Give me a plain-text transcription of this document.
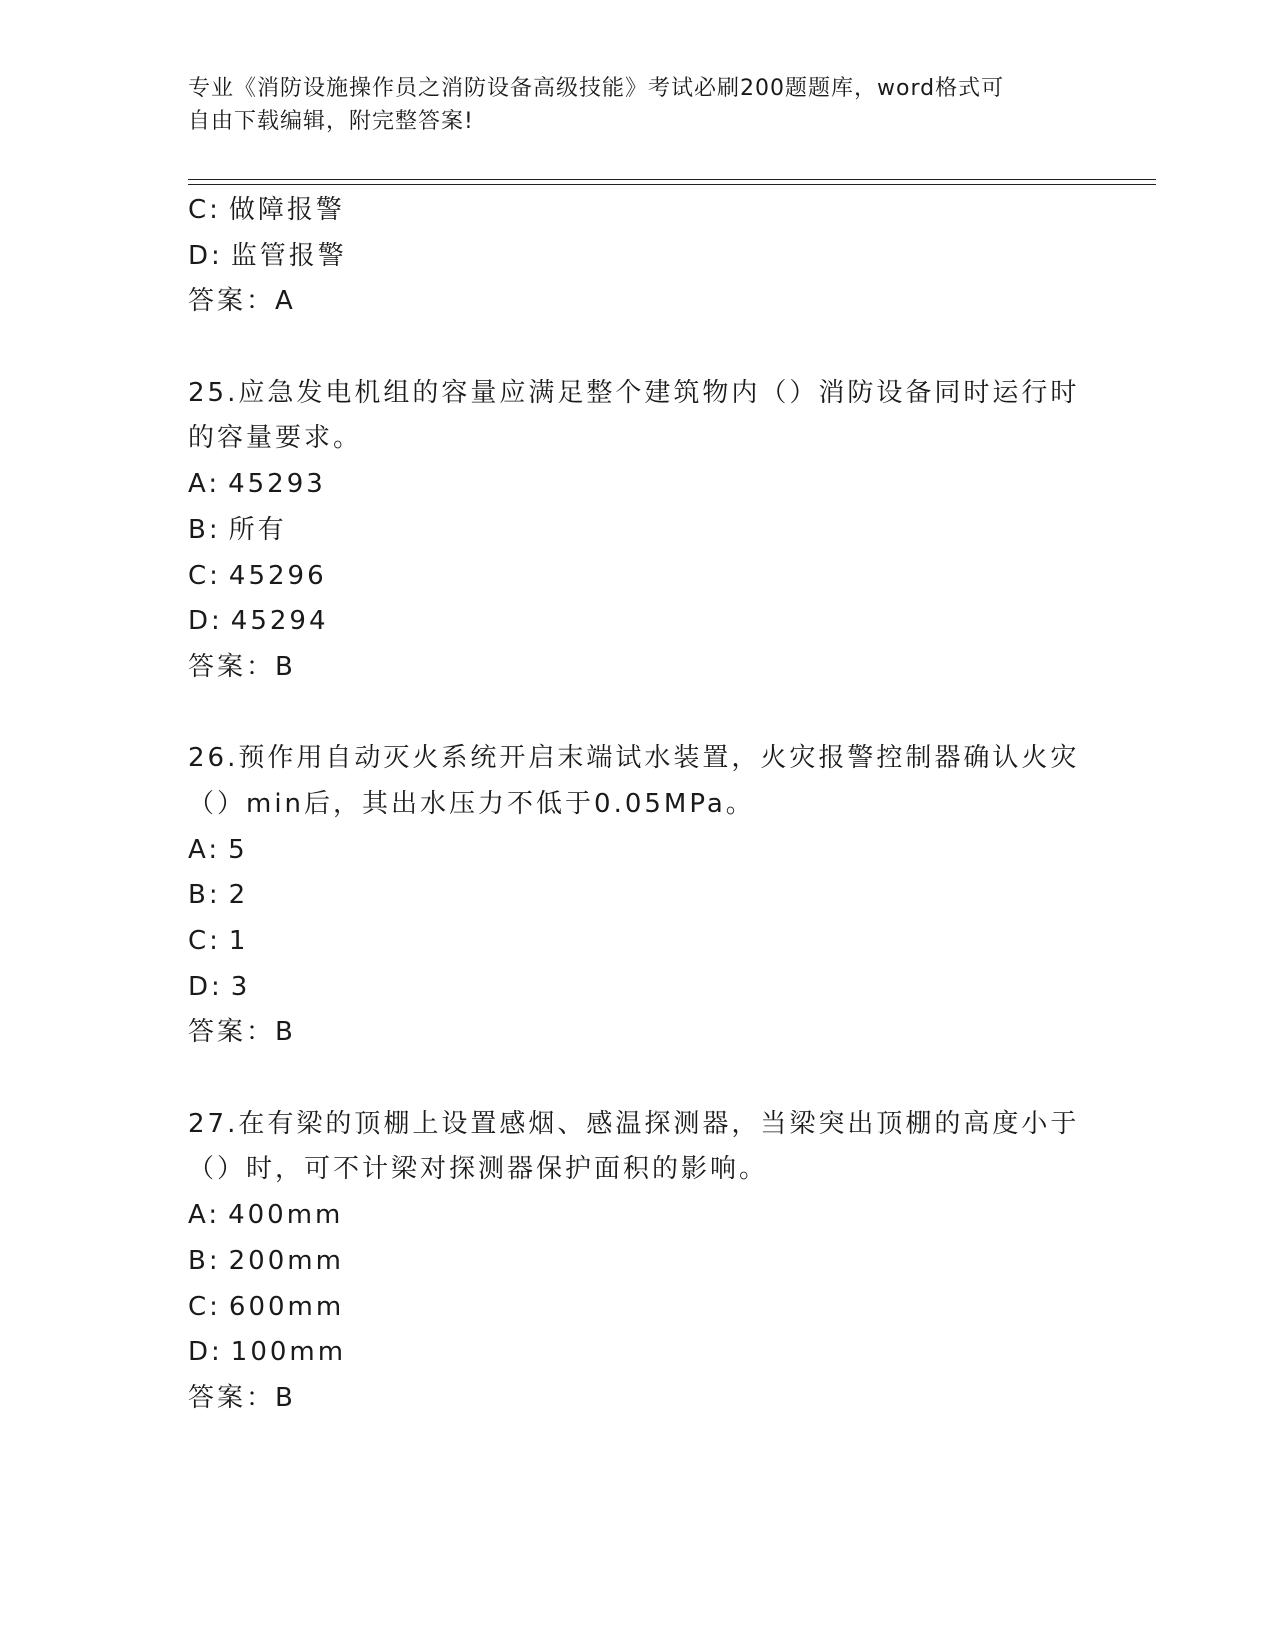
专业《消防设施操作员之消防设备高级技能》考试必刷200题题库，word格式可
自由下载编辑，附完整答案!
C: 做障报警
D: 监管报警
答案：A
25.应急发电机组的容量应满足整个建筑物内（）消防设备同时运行时
的容量要求。
A: 45293
B: 所有
C: 45296
D: 45294
答案：B
26.预作用自动灭火系统开启末端试水装置，火灾报警控制器确认火灾
（）min后，其出水压力不低于0.05MPa。
A: 5
B: 2
C: 1
D: 3
答案：B
27.在有梁的顶棚上设置感烟、感温探测器，当梁突出顶棚的高度小于
（）时，可不计梁对探测器保护面积的影响。
A: 400mm
B: 200mm
C: 600mm
D: 100mm
答案：B
